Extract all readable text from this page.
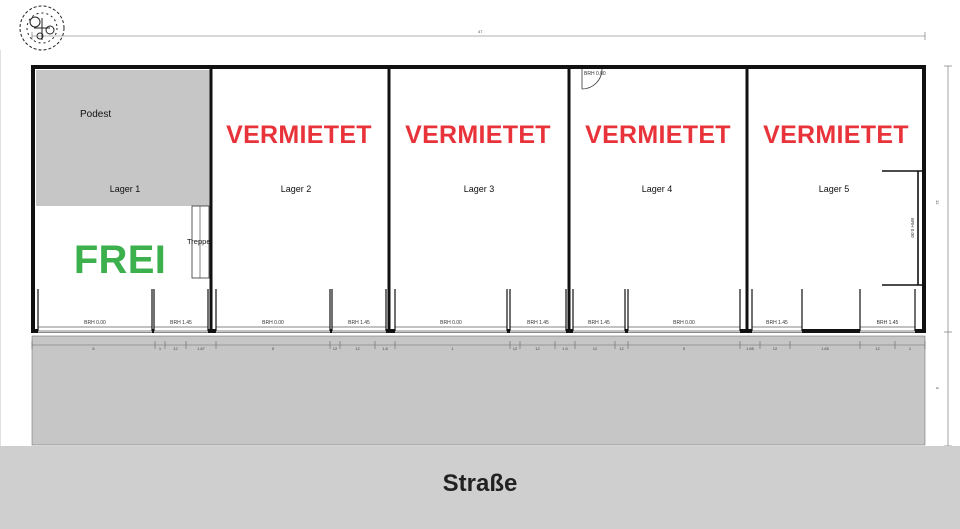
47
12
5
6	1	12	1.87	5	12	12	1.8	1	12	12	1.5	12	12	5	1.85	12	1.85	12	1
BRH 0.00
BRH 0.00	BRH 1.45	BRH 0.00	BRH 1.45	BRH 0.00	BRH 1.45	BRH 1.45	BRH 0.00	BRH 1.45	BRH 1.45
Podest
Treppe
Lager 1	Lager 2	Lager 3	Lager 4	Lager 5
FREI
VERMIETET	VERMIETET	VERMIETET	VERMIETET
BRH 0.00
Straße
